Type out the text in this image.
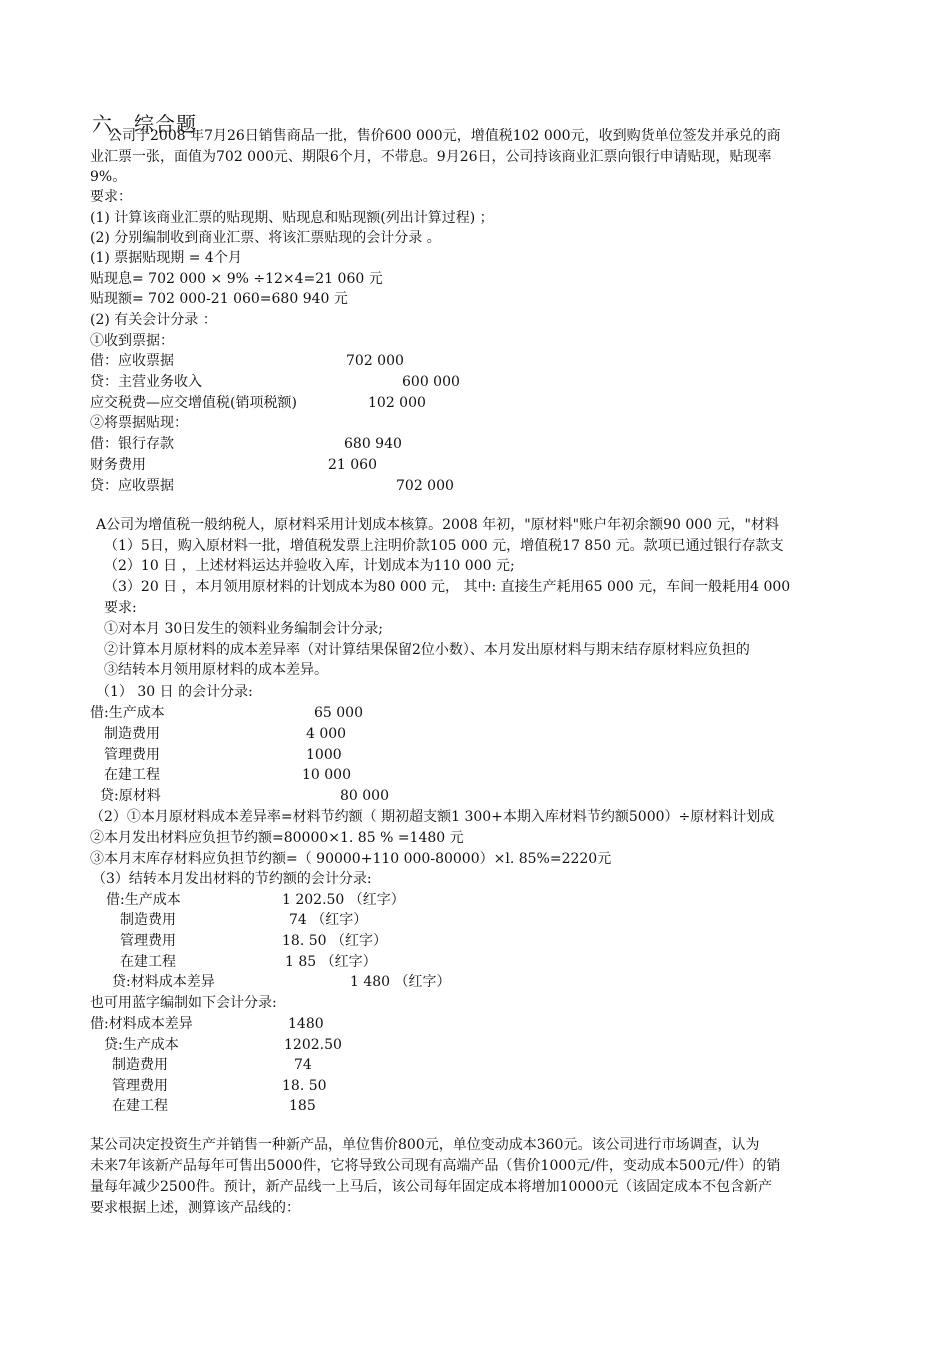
六、综合题
公司于2008 年7月26日销售商品一批，售价600 000元，增值税102 000元，收到购货单位签发并承兑的商
业汇票一张，面值为702 000元、期限6个月，不带息。9月26日，公司持该商业汇票向银行申请贴现，贴现率
9%。
要求：
(1) 计算该商业汇票的贴现期、贴现息和贴现额(列出计算过程) ；
(2) 分别编制收到商业汇票、将该汇票贴现的会计分录 。
(1) 票据贴现期 = 4个月
贴现息= 702 000 × 9% ÷12×4=21 060 元
贴现额= 702 000-21 060=680 940 元
(2) 有关会计分录 ：
①收到票据：
借：应收票据	702 000
贷：主营业务收入	600 000
应交税费—应交增值税(销项税额)	102 000
②将票据贴现：
借：银行存款	680 940
财务费用	21 060
贷：应收票据	702 000
A公司为增值税一般纳税人，原材料采用计划成本核算。2008 年初，"原材料"账户年初余额90 000 元，"材料
（1）5日，购入原材料一批，增值税发票上注明价款105 000 元，增值税17 850 元。款项已通过银行存款支
（2）10 日 ，上述材料运达并验收入库，计划成本为110 000 元;
（3）20 日 ，本月领用原材料的计划成本为80 000 元， 其中: 直接生产耗用65 000 元，车间一般耗用4 000
要求:
①对本月 30日发生的领料业务编制会计分录;
②计算本月原材料的成本差异率（对计算结果保留2位小数）、本月发出原材料与期末结存原材料应负担的
③结转本月领用原材料的成本差异。
（1） 30 日 的会计分录:
借:生产成本	65 000
制造费用	4 000
管理费用	1000
在建工程	10 000
贷:原材料	80 000
（2）①本月原材料成本差异率=材料节约额（ 期初超支额1 300+本期入库材料节约额5000）÷原材料计划成
②本月发出材料应负担节约额=80000×1. 85 % =1480 元
③本月末库存材料应负担节约额=（ 90000+110 000-80000）×l. 85%=2220元
（3）结转本月发出材料的节约额的会计分录:
借:生产成本	1 202.50 （红字）
制造费用	74 （红字）
管理费用	18. 50 （红字）
在建工程	1 85 （红字）
贷:材料成本差异	1 480 （红字）
也可用蓝字编制如下会计分录:
借:材料成本差异	1480
贷:生产成本	1202.50
制造费用	74
管理费用	18. 50
在建工程	185
某公司决定投资生产并销售一种新产品，单位售价800元，单位变动成本360元。该公司进行市场调查，认为
未来7年该新产品每年可售出5000件，它将导致公司现有高端产品（售价1000元/件，变动成本500元/件）的销
量每年减少2500件。预计，新产品线一上马后，该公司每年固定成本将增加10000元（该固定成本不包含新产
要求根据上述，测算该产品线的：
